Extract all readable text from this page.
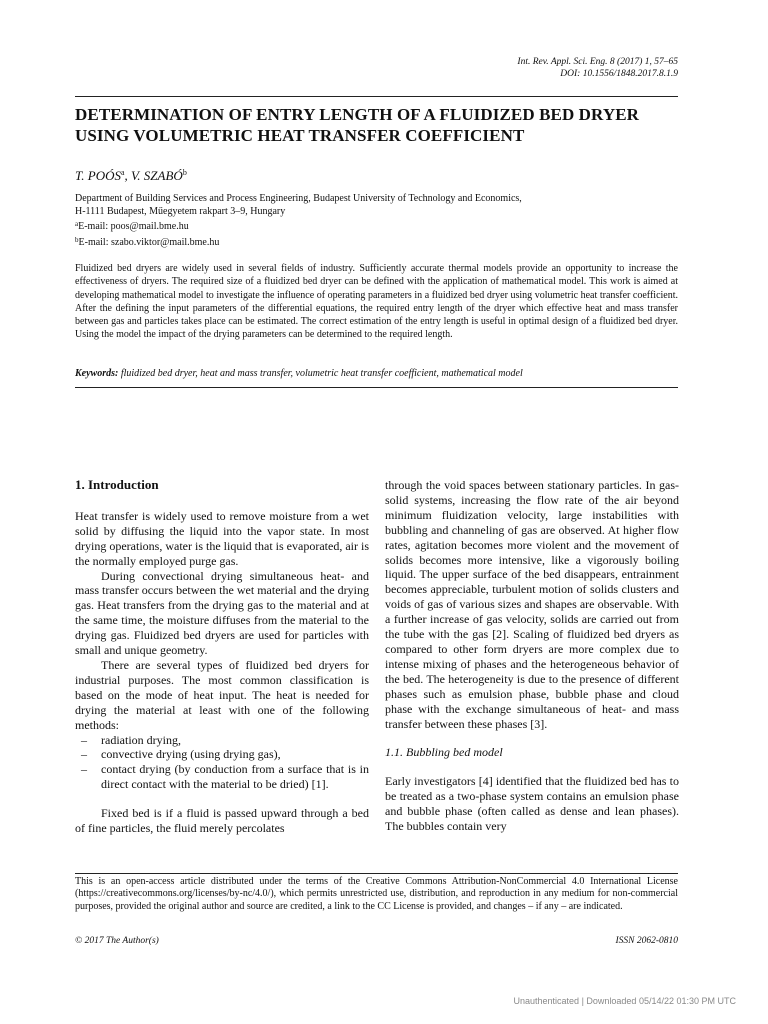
Int. Rev. Appl. Sci. Eng. 8 (2017) 1, 57–65
DOI: 10.1556/1848.2017.8.1.9
DETERMINATION OF ENTRY LENGTH OF A FLUIDIZED BED DRYER
USING VOLUMETRIC HEAT TRANSFER COEFFICIENT
T. POÓS$^a$, V. SZABÓ$^b$
Department of Building Services and Process Engineering, Budapest University of Technology and Economics,
H-1111 Budapest, Műegyetem rakpart 3–9, Hungary
$^a$E-mail: poos@mail.bme.hu
$^b$E-mail: szabo.viktor@mail.bme.hu
Fluidized bed dryers are widely used in several fields of industry. Sufficiently accurate thermal models provide an opportunity to increase the effectiveness of dryers. The required size of a fluidized bed dryer can be defined with the application of mathematical model. This work is aimed at developing mathematical model to investigate the influence of operating parameters in a fluidized bed dryer using volumetric heat transfer coefficient. After the defining the input parameters of the differential equations, the required entry length of the dryer which effective heat and mass transfer between gas and particles takes place can be estimated. The correct estimation of the entry length is useful in optimal design of a fluidized bed dryer. Using the model the impact of the drying parameters can be determined to the required length.
Keywords: fluidized bed dryer, heat and mass transfer, volumetric heat transfer coefficient, mathematical model
1. Introduction

Heat transfer is widely used to remove moisture from a wet solid by diffusing the liquid into the vapor state. In most drying operations, water is the liquid that is evaporated, air is the normally employed purge gas.

During convectional drying simultaneous heat- and mass transfer occurs between the wet material and the drying gas. Heat transfers from the drying gas to the material and at the same time, the moisture diffuses from the material to the drying gas. Fluidized bed dryers are used for particles with small and unique geometry.

There are several types of fluidized bed dryers for industrial purposes. The most common classification is based on the mode of heat input. The heat is needed for drying the material at least with one of the following methods:

– radiation drying,
– convective drying (using drying gas),
– contact drying (by conduction from a surface that is in direct contact with the material to be dried) [1].

Fixed bed is if a fluid is passed upward through a bed of fine particles, the fluid merely percolates

through the void spaces between stationary particles. In gas-solid systems, increasing the flow rate of the air beyond minimum fluidization velocity, large instabilities with bubbling and channeling of gas are observed. At higher flow rates, agitation becomes more violent and the movement of solids becomes more intensive, like a vigorously boiling liquid. The upper surface of the bed disappears, entrainment becomes appreciable, turbulent motion of solids clusters and voids of gas of various sizes and shapes are observable. With a further increase of gas velocity, solids are carried out from the tube with the gas [2]. Scaling of fluidized bed dryers as compared to other form dryers are more complex due to intense mixing of phases and the heterogeneous behavior of the bed. The heterogeneity is due to the presence of different phases such as emulsion phase, bubble phase and cloud phase with the exchange simultaneous of heat- and mass transfer between these phases [3].

1.1. Bubbling bed model

Early investigators [4] identified that the fluidized bed has to be treated as a two-phase system contains an emulsion phase and bubble phase (often called as dense and lean phases). The bubbles contain very

This is an open-access article distributed under the terms of the Creative Commons Attribution-NonCommercial 4.0 International License (https://creativecommons.org/licenses/by-nc/4.0/), which permits unrestricted use, distribution, and reproduction in any medium for non-commercial purposes, provided the original author and source are credited, a link to the CC License is provided, and changes – if any – are indicated.
© 2017 The Author(s)	ISSN 2062-0810
Unauthenticated | Downloaded 05/14/22 01:30 PM UTC
